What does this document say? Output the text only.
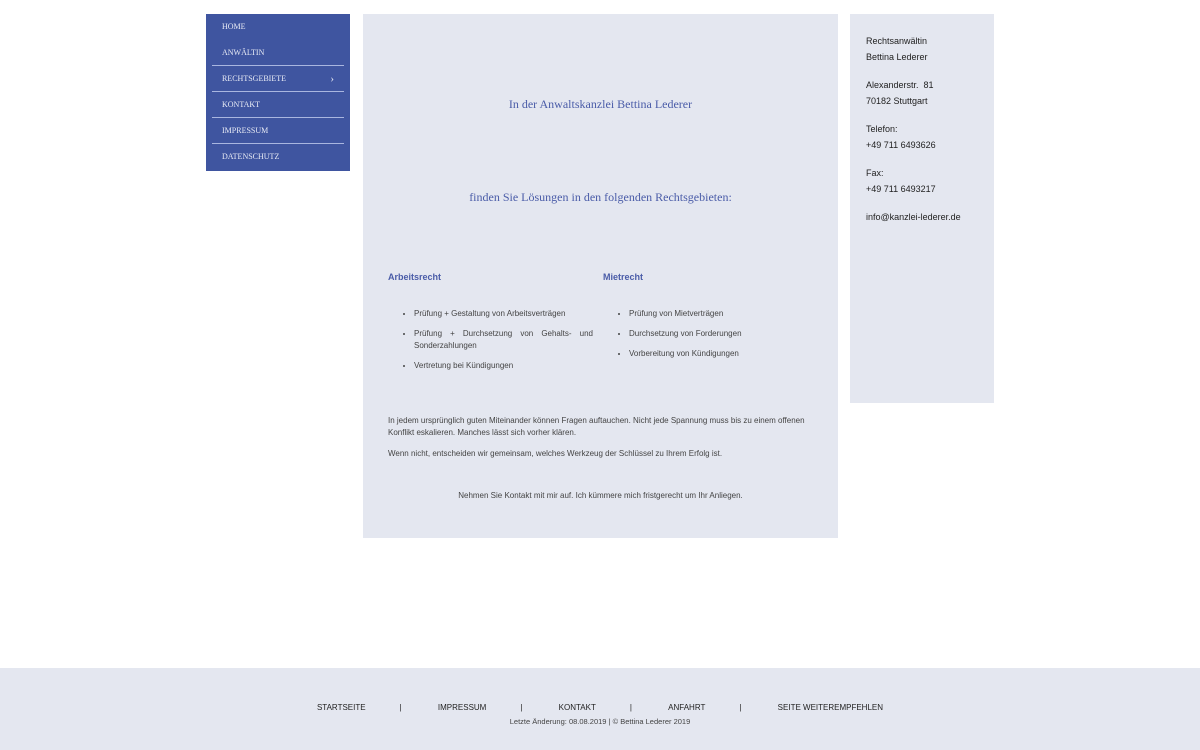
HOME
ANWÄLTIN
RECHTSGEBIETE	›
KONTAKT
IMPRESSUM
DATENSCHUTZ
In der Anwaltskanzlei Bettina Lederer
finden Sie Lösungen in den folgenden Rechtsgebieten:
Arbeitsrecht
• Prüfung + Gestaltung von Arbeitsverträgen
• Prüfung + Durchsetzung von Gehalts- und Sonderzahlungen
• Vertretung bei Kündigungen
Mietrecht
• Prüfung von Mietverträgen
• Durchsetzung von Forderungen
• Vorbereitung von Kündigungen

In jedem ursprünglich guten Miteinander können Fragen auftauchen. Nicht jede Spannung muss bis zu einem offenen Konflikt eskalieren. Manches lässt sich vorher klären.

Wenn nicht, entscheiden wir gemeinsam, welches Werkzeug der Schlüssel zu Ihrem Erfolg ist.

Nehmen Sie Kontakt mit mir auf. Ich kümmere mich fristgerecht um Ihr Anliegen.

Rechtsanwältin
Bettina Lederer

Alexanderstr.  81
70182 Stuttgart

Telefon:
+49 711 6493626

Fax:
+49 711 6493217

info@kanzlei-lederer.de

STARTSEITE	|	IMPRESSUM	|	KONTAKT	|	ANFAHRT	|	SEITE WEITEREMPFEHLEN
Letzte Änderung: 08.08.2019 | © Bettina Lederer 2019
